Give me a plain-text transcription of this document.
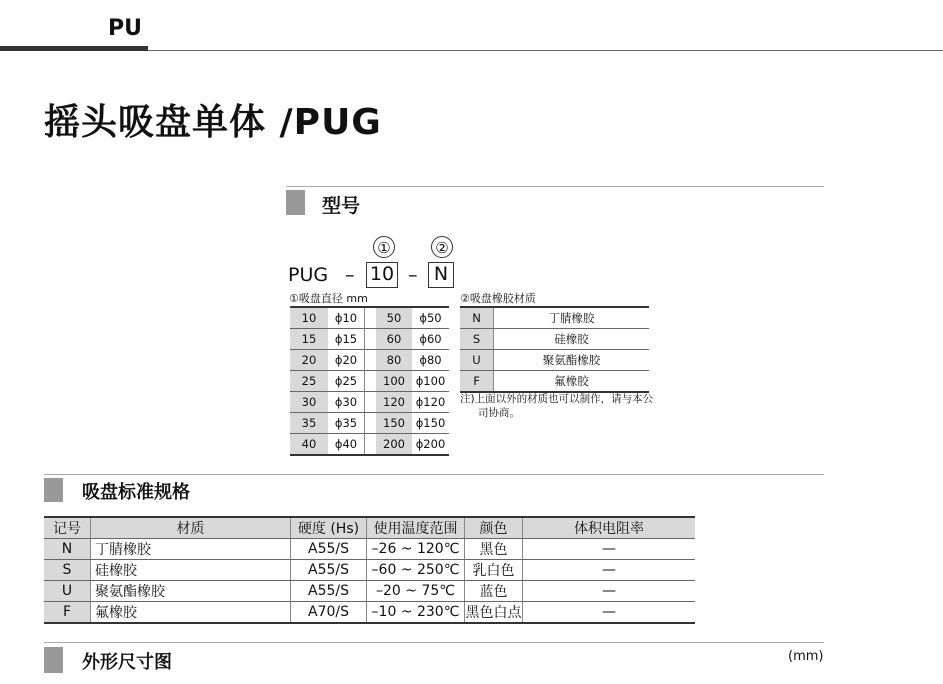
PU
摇头吸盘单体 /PUG
型号
①	②
PUG – 10 – N
①吸盘直径 mm	②吸盘橡胶材质
10	ϕ10		50	ϕ50
15	ϕ15		60	ϕ60
20	ϕ20		80	ϕ80
25	ϕ25		100	ϕ100
30	ϕ30		120	ϕ120
35	ϕ35		150	ϕ150
40	ϕ40		200	ϕ200
N	丁腈橡胶
S	硅橡胶
U	聚氨酯橡胶
F	氟橡胶
注)上面以外的材质也可以制作，请与本公
司协商。
吸盘标准规格
记号	材质	硬度 (Hs)	使用温度范围	颜色	体积电阻率
N	丁腈橡胶	A55/S	–26 ~ 120℃	黑色	—
S	硅橡胶	A55/S	–60 ~ 250℃	乳白色	—
U	聚氨酯橡胶	A55/S	–20 ~ 75℃	蓝色	—
F	氟橡胶	A70/S	–10 ~ 230℃	黑色白点	—
外形尺寸图	(mm)
